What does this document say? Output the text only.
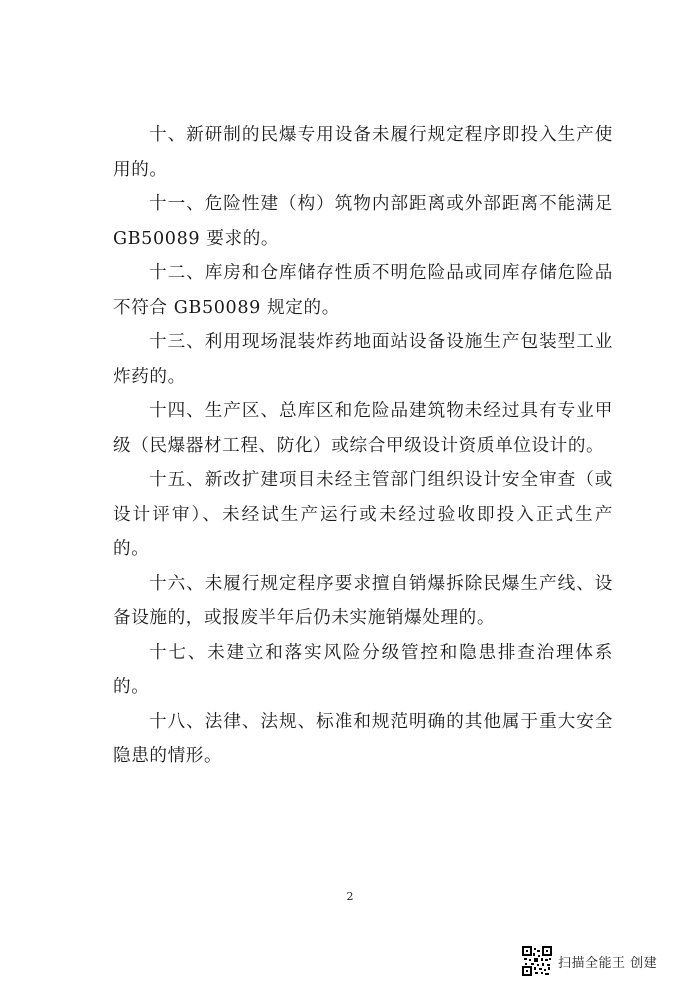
十、新研制的民爆专用设备未履行规定程序即投入生产使用的。

十一、危险性建（构）筑物内部距离或外部距离不能满足GB50089 要求的。

十二、库房和仓库储存性质不明危险品或同库存储危险品不符合 GB50089 规定的。

十三、利用现场混装炸药地面站设备设施生产包装型工业炸药的。

十四、生产区、总库区和危险品建筑物未经过具有专业甲级（民爆器材工程、防化）或综合甲级设计资质单位设计的。

十五、新改扩建项目未经主管部门组织设计安全审查（或设计评审）、未经试生产运行或未经过验收即投入正式生产的。

十六、未履行规定程序要求擅自销爆拆除民爆生产线、设备设施的，或报废半年后仍未实施销爆处理的。

十七、未建立和落实风险分级管控和隐患排查治理体系的。

十八、法律、法规、标准和规范明确的其他属于重大安全隐患的情形。

2
扫描全能王 创建
